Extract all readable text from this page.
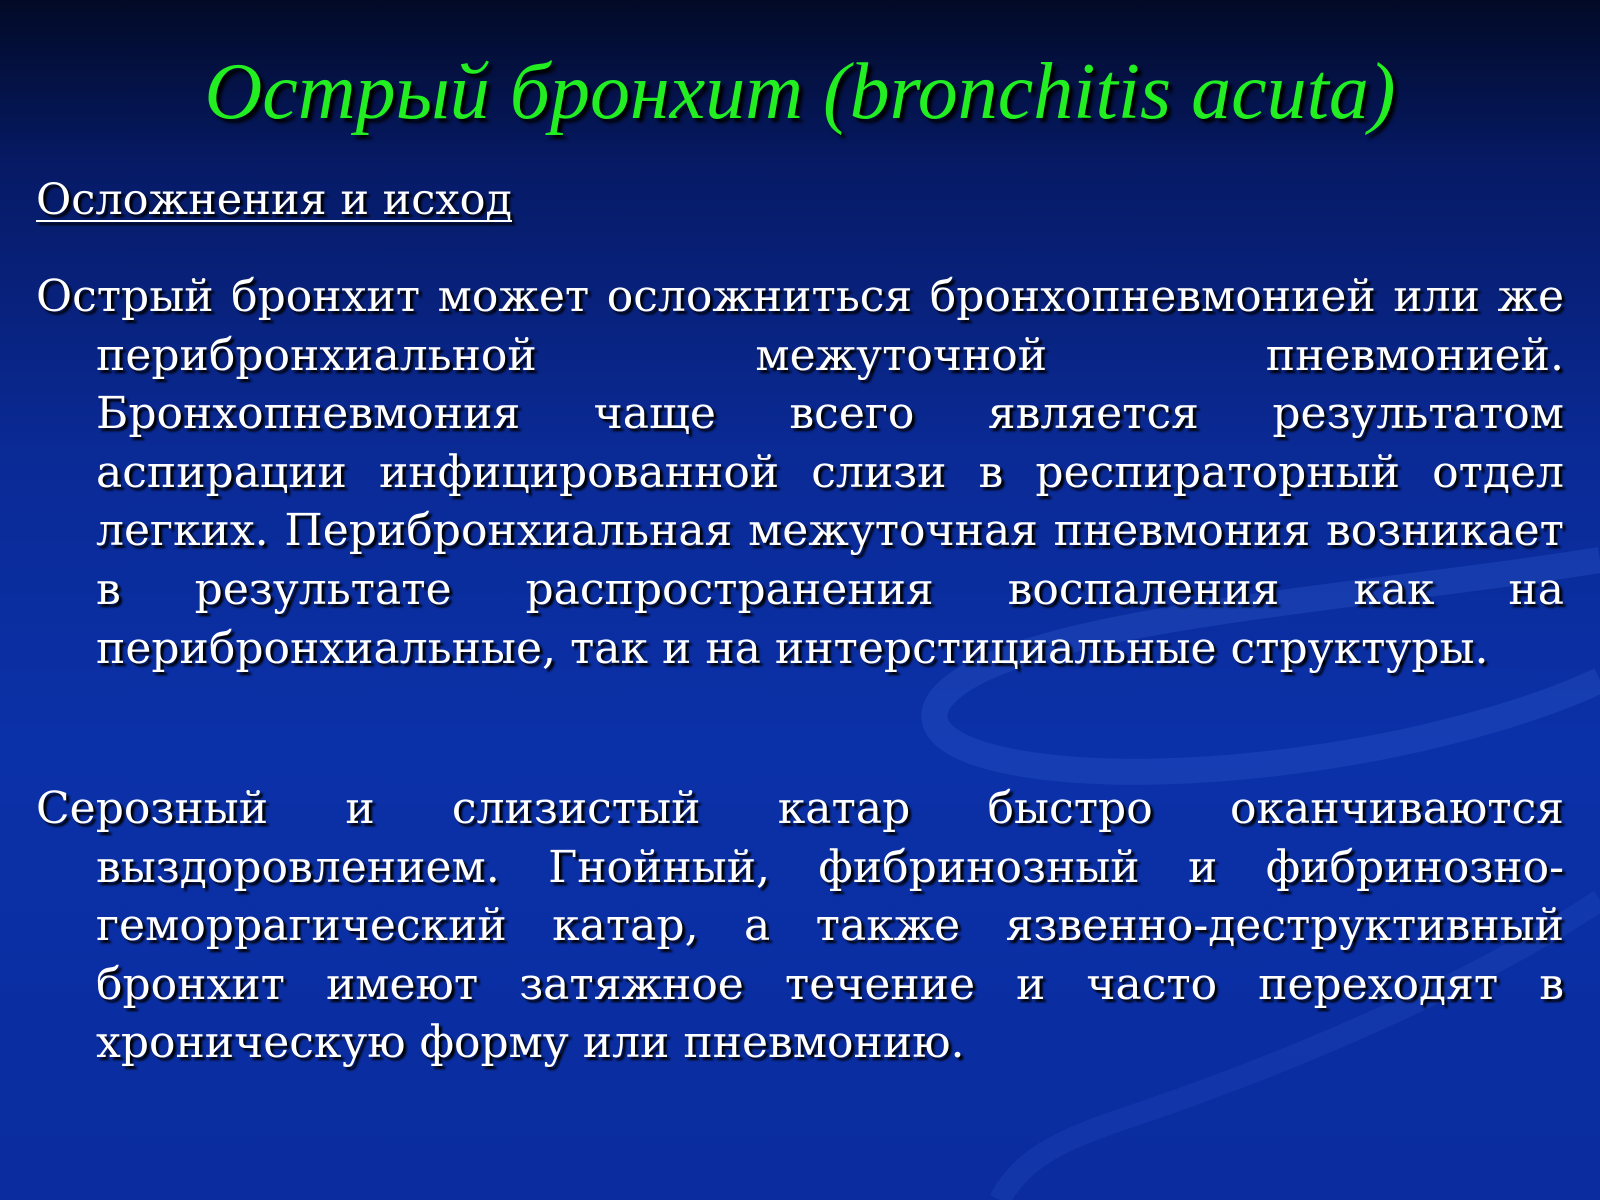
Острый бронхит (bronchitis acuta)
Осложнения и исход

Острый бронхит может осложниться бронхопневмонией или же перибронхиальной межуточной пневмонией. Бронхопневмония чаще всего является результатом аспирации инфицированной слизи в респираторный отдел легких. Перибронхиальная межуточная пневмония возникает в результате распространения воспаления как на перибронхиальные, так и на интерстициальные структуры.

Серозный и слизистый катар быстро оканчиваются выздоровлением. Гнойный, фибринозный и фибринозно-геморрагический катар, а также язвенно-деструктивный бронхит имеют затяжное течение и часто переходят в хроническую форму или пневмонию.
